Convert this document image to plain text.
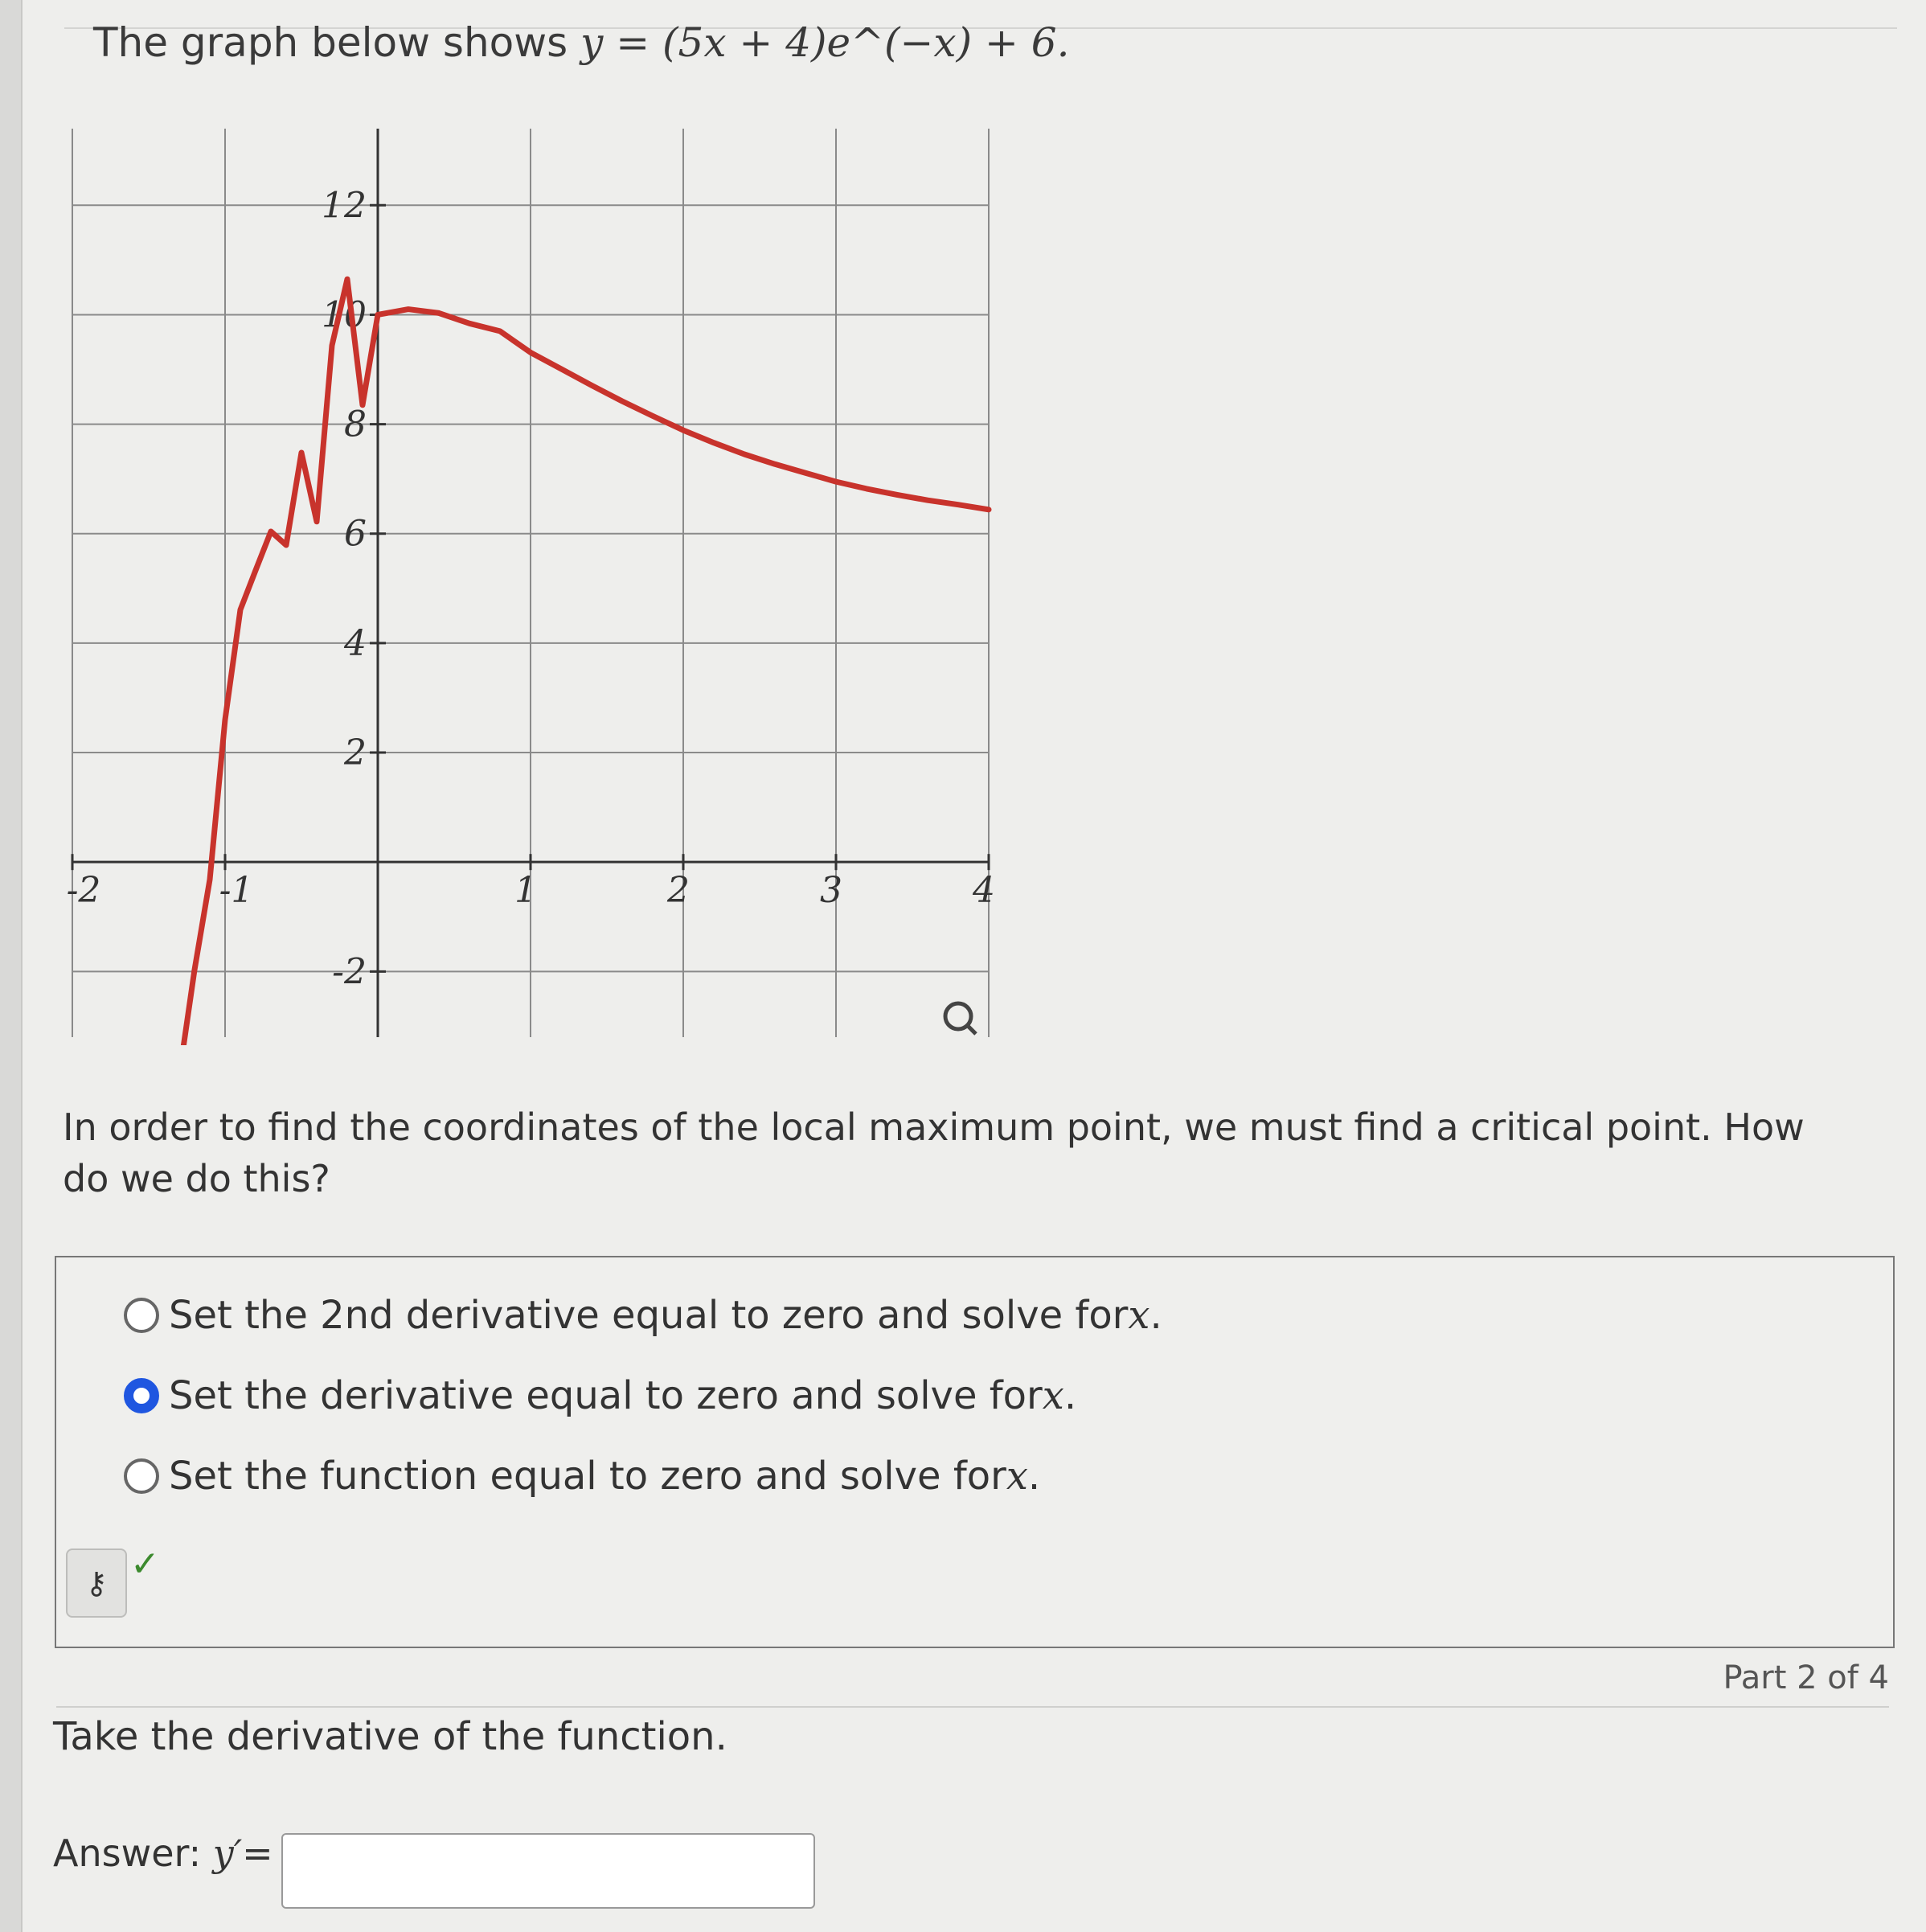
The graph below shows y = (5x + 4)e^(−x) + 6.
-2	-1	1	2	3	4
-2
2
4
6
8
10
12
In order to find the coordinates of the local maximum point, we must find a critical point. How do we do this?
Set the 2nd derivative equal to zero and solve for x .
Set the derivative equal to zero and solve for x .
Set the function equal to zero and solve for x .
⚷ ✓
Part 2 of 4
Take the derivative of the function.
Answer: y′=
